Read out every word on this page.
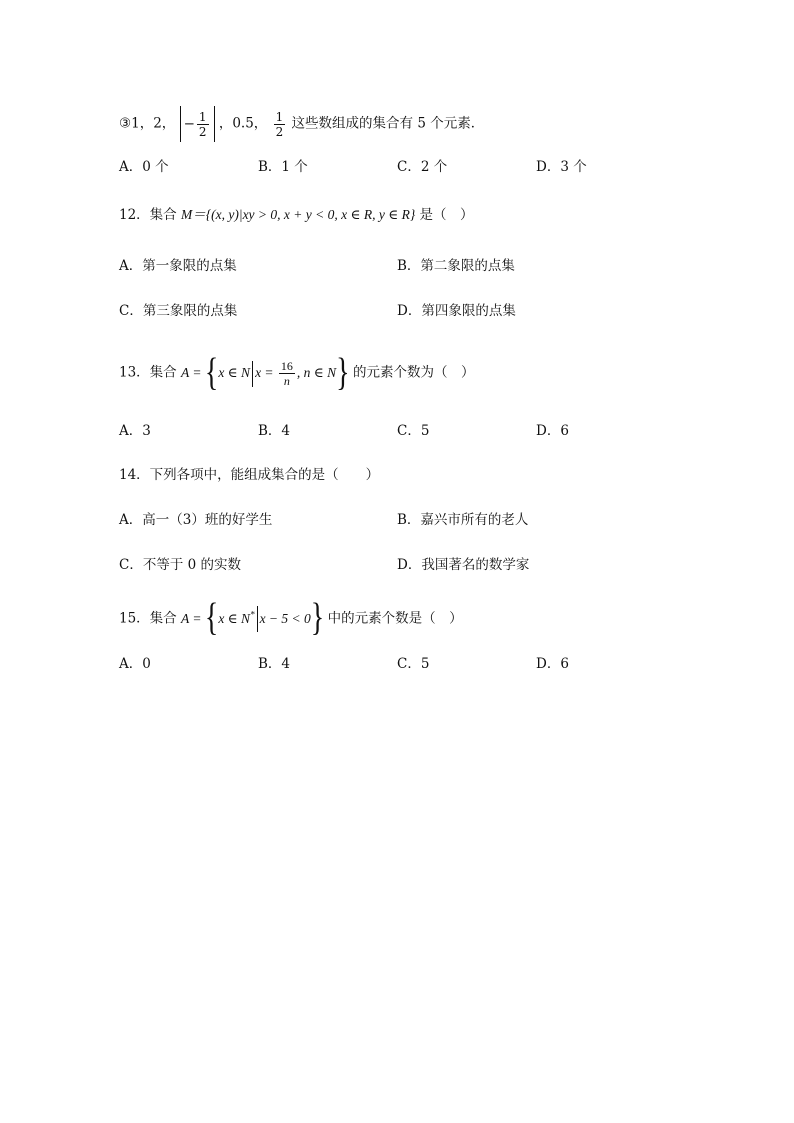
③1，2， − $\frac{1}{2}$ ，0.5， $\frac{1}{2}$ 这些数组成的集合有 5 个元素．
A．0 个	B．1 个	C．2 个	D．3 个
12．集合 M＝{(x, y)|xy > 0, x + y < 0, x ∈ R, y ∈ R} 是（　）
A．第一象限的点集	B．第二象限的点集
C．第三象限的点集	D．第四象限的点集
13．集合 A = {x ∈ N $x = \frac{16}{n}$ , n ∈ N} 的元素个数为（　）
A．3	B．4	C．5	D．6
14．下列各项中，能组成集合的是（　　）
A．高一（3）班的好学生	B．嘉兴市所有的老人
C．不等于 0 的实数	D．我国著名的数学家
15．集合 A = {x ∈ N* x − 5 < 0} 中的元素个数是（　）
A．0	B．4	C．5	D．6
